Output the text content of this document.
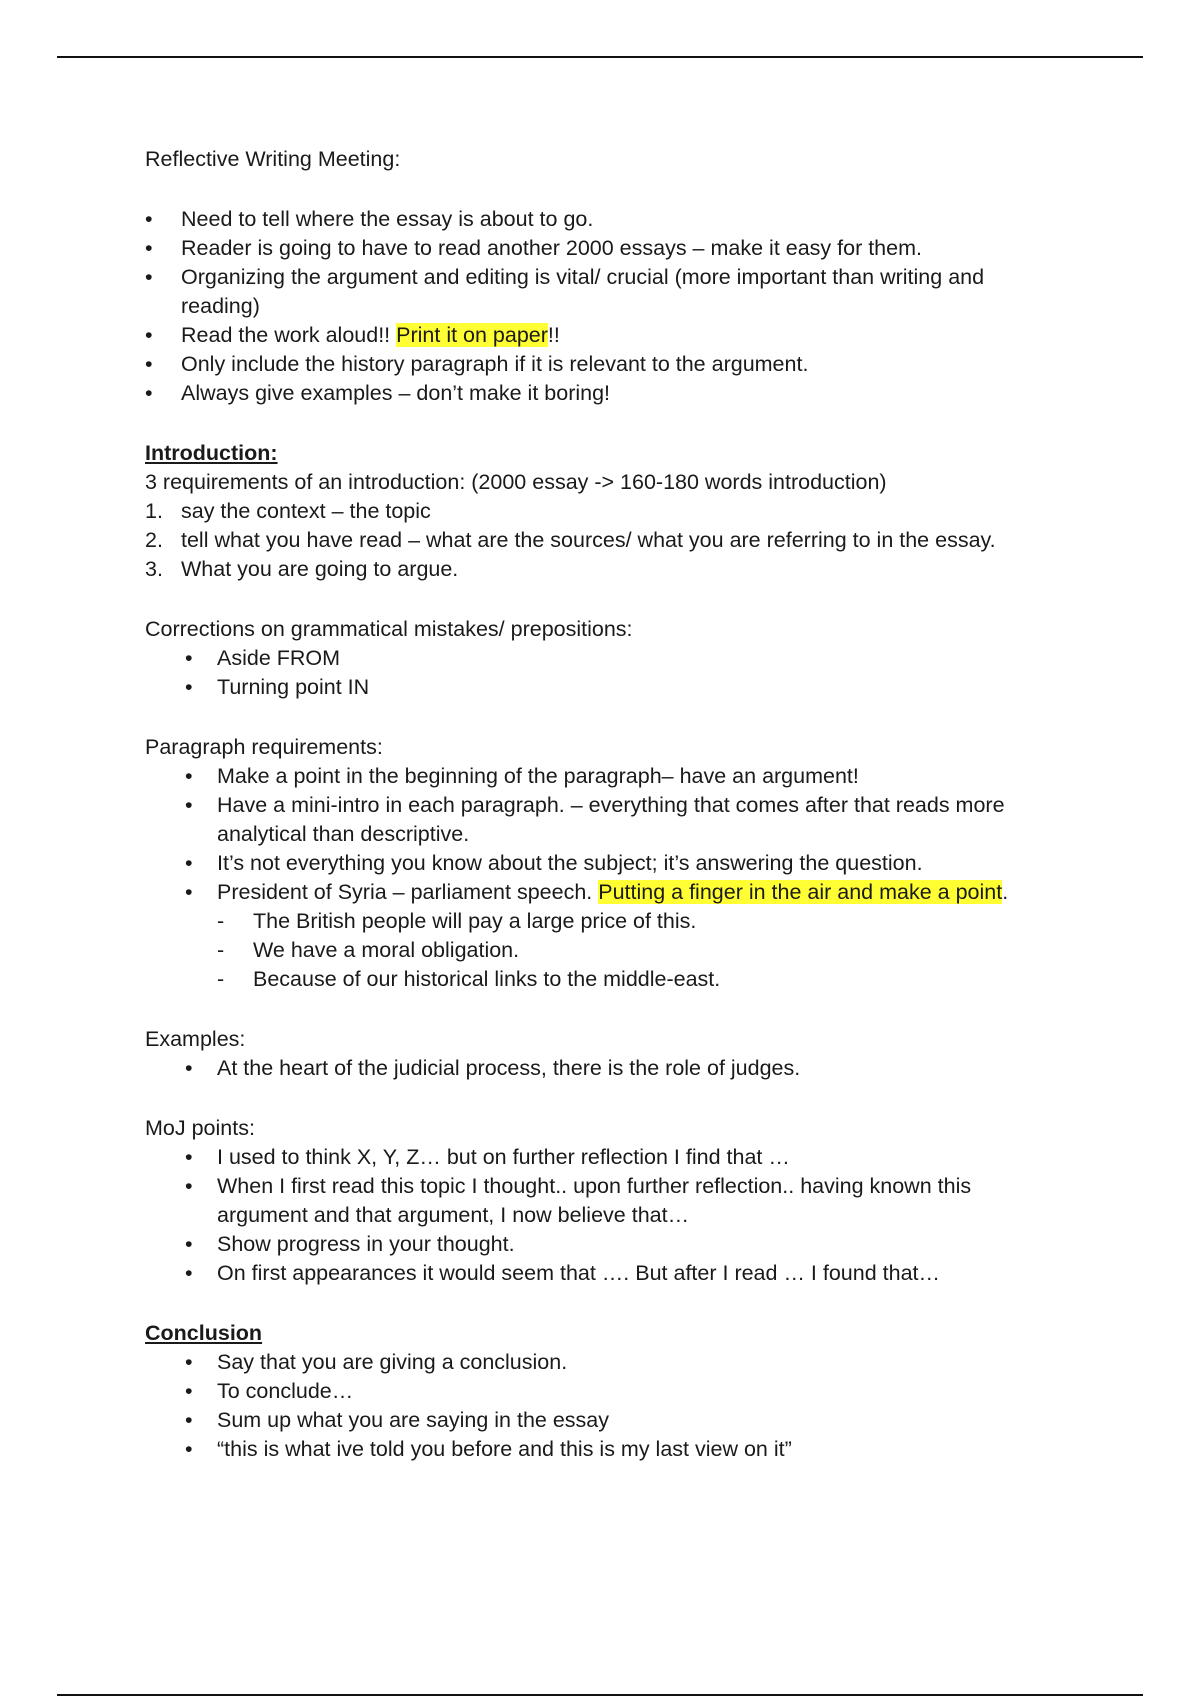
Reflective Writing Meeting:

• Need to tell where the essay is about to go.
• Reader is going to have to read another 2000 essays – make it easy for them.
• Organizing the argument and editing is vital/ crucial (more important than writing and
reading)
• Read the work aloud!! Print it on paper!!
• Only include the history paragraph if it is relevant to the argument.
• Always give examples – don’t make it boring!

Introduction:

3 requirements of an introduction: (2000 essay -> 160-180 words introduction)

1. say the context – the topic
2. tell what you have read – what are the sources/ what you are referring to in the essay.
3. What you are going to argue.

Corrections on grammatical mistakes/ prepositions:

• Aside FROM
• Turning point IN

Paragraph requirements:

• Make a point in the beginning of the paragraph– have an argument!
• Have a mini-intro in each paragraph. – everything that comes after that reads more
analytical than descriptive.
• It’s not everything you know about the subject; it’s answering the question.
• President of Syria – parliament speech. Putting a finger in the air and make a point.
- The British people will pay a large price of this.
- We have a moral obligation.
- Because of our historical links to the middle-east.

Examples:

• At the heart of the judicial process, there is the role of judges.

MoJ points:

• I used to think X, Y, Z… but on further reflection I find that …
• When I first read this topic I thought.. upon further reflection.. having known this
argument and that argument, I now believe that…
• Show progress in your thought.
• On first appearances it would seem that …. But after I read … I found that…

Conclusion

• Say that you are giving a conclusion.
• To conclude…
• Sum up what you are saying in the essay
• “this is what ive told you before and this is my last view on it”
